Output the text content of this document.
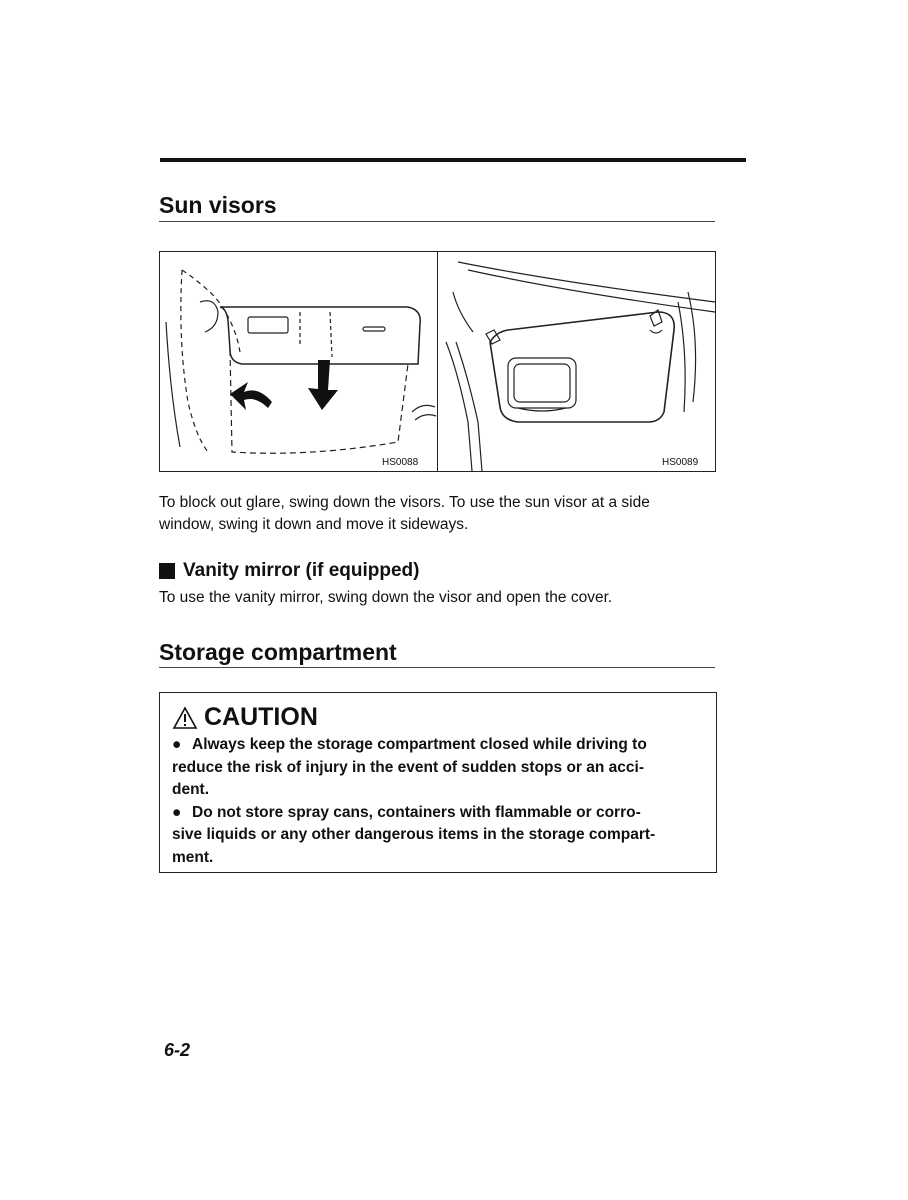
Sun visors
HS0088	HS0089
To block out glare, swing down the visors. To use the sun visor at a side
window, swing it down and move it sideways.
Vanity mirror (if equipped)
To use the vanity mirror, swing down the visor and open the cover.
Storage compartment
CAUTION

● Always keep the storage compartment closed while driving to

reduce the risk of injury in the event of sudden stops or an acci-

dent.

● Do not store spray cans, containers with flammable or corro-

sive liquids or any other dangerous items in the storage compart-

ment.

6-2
